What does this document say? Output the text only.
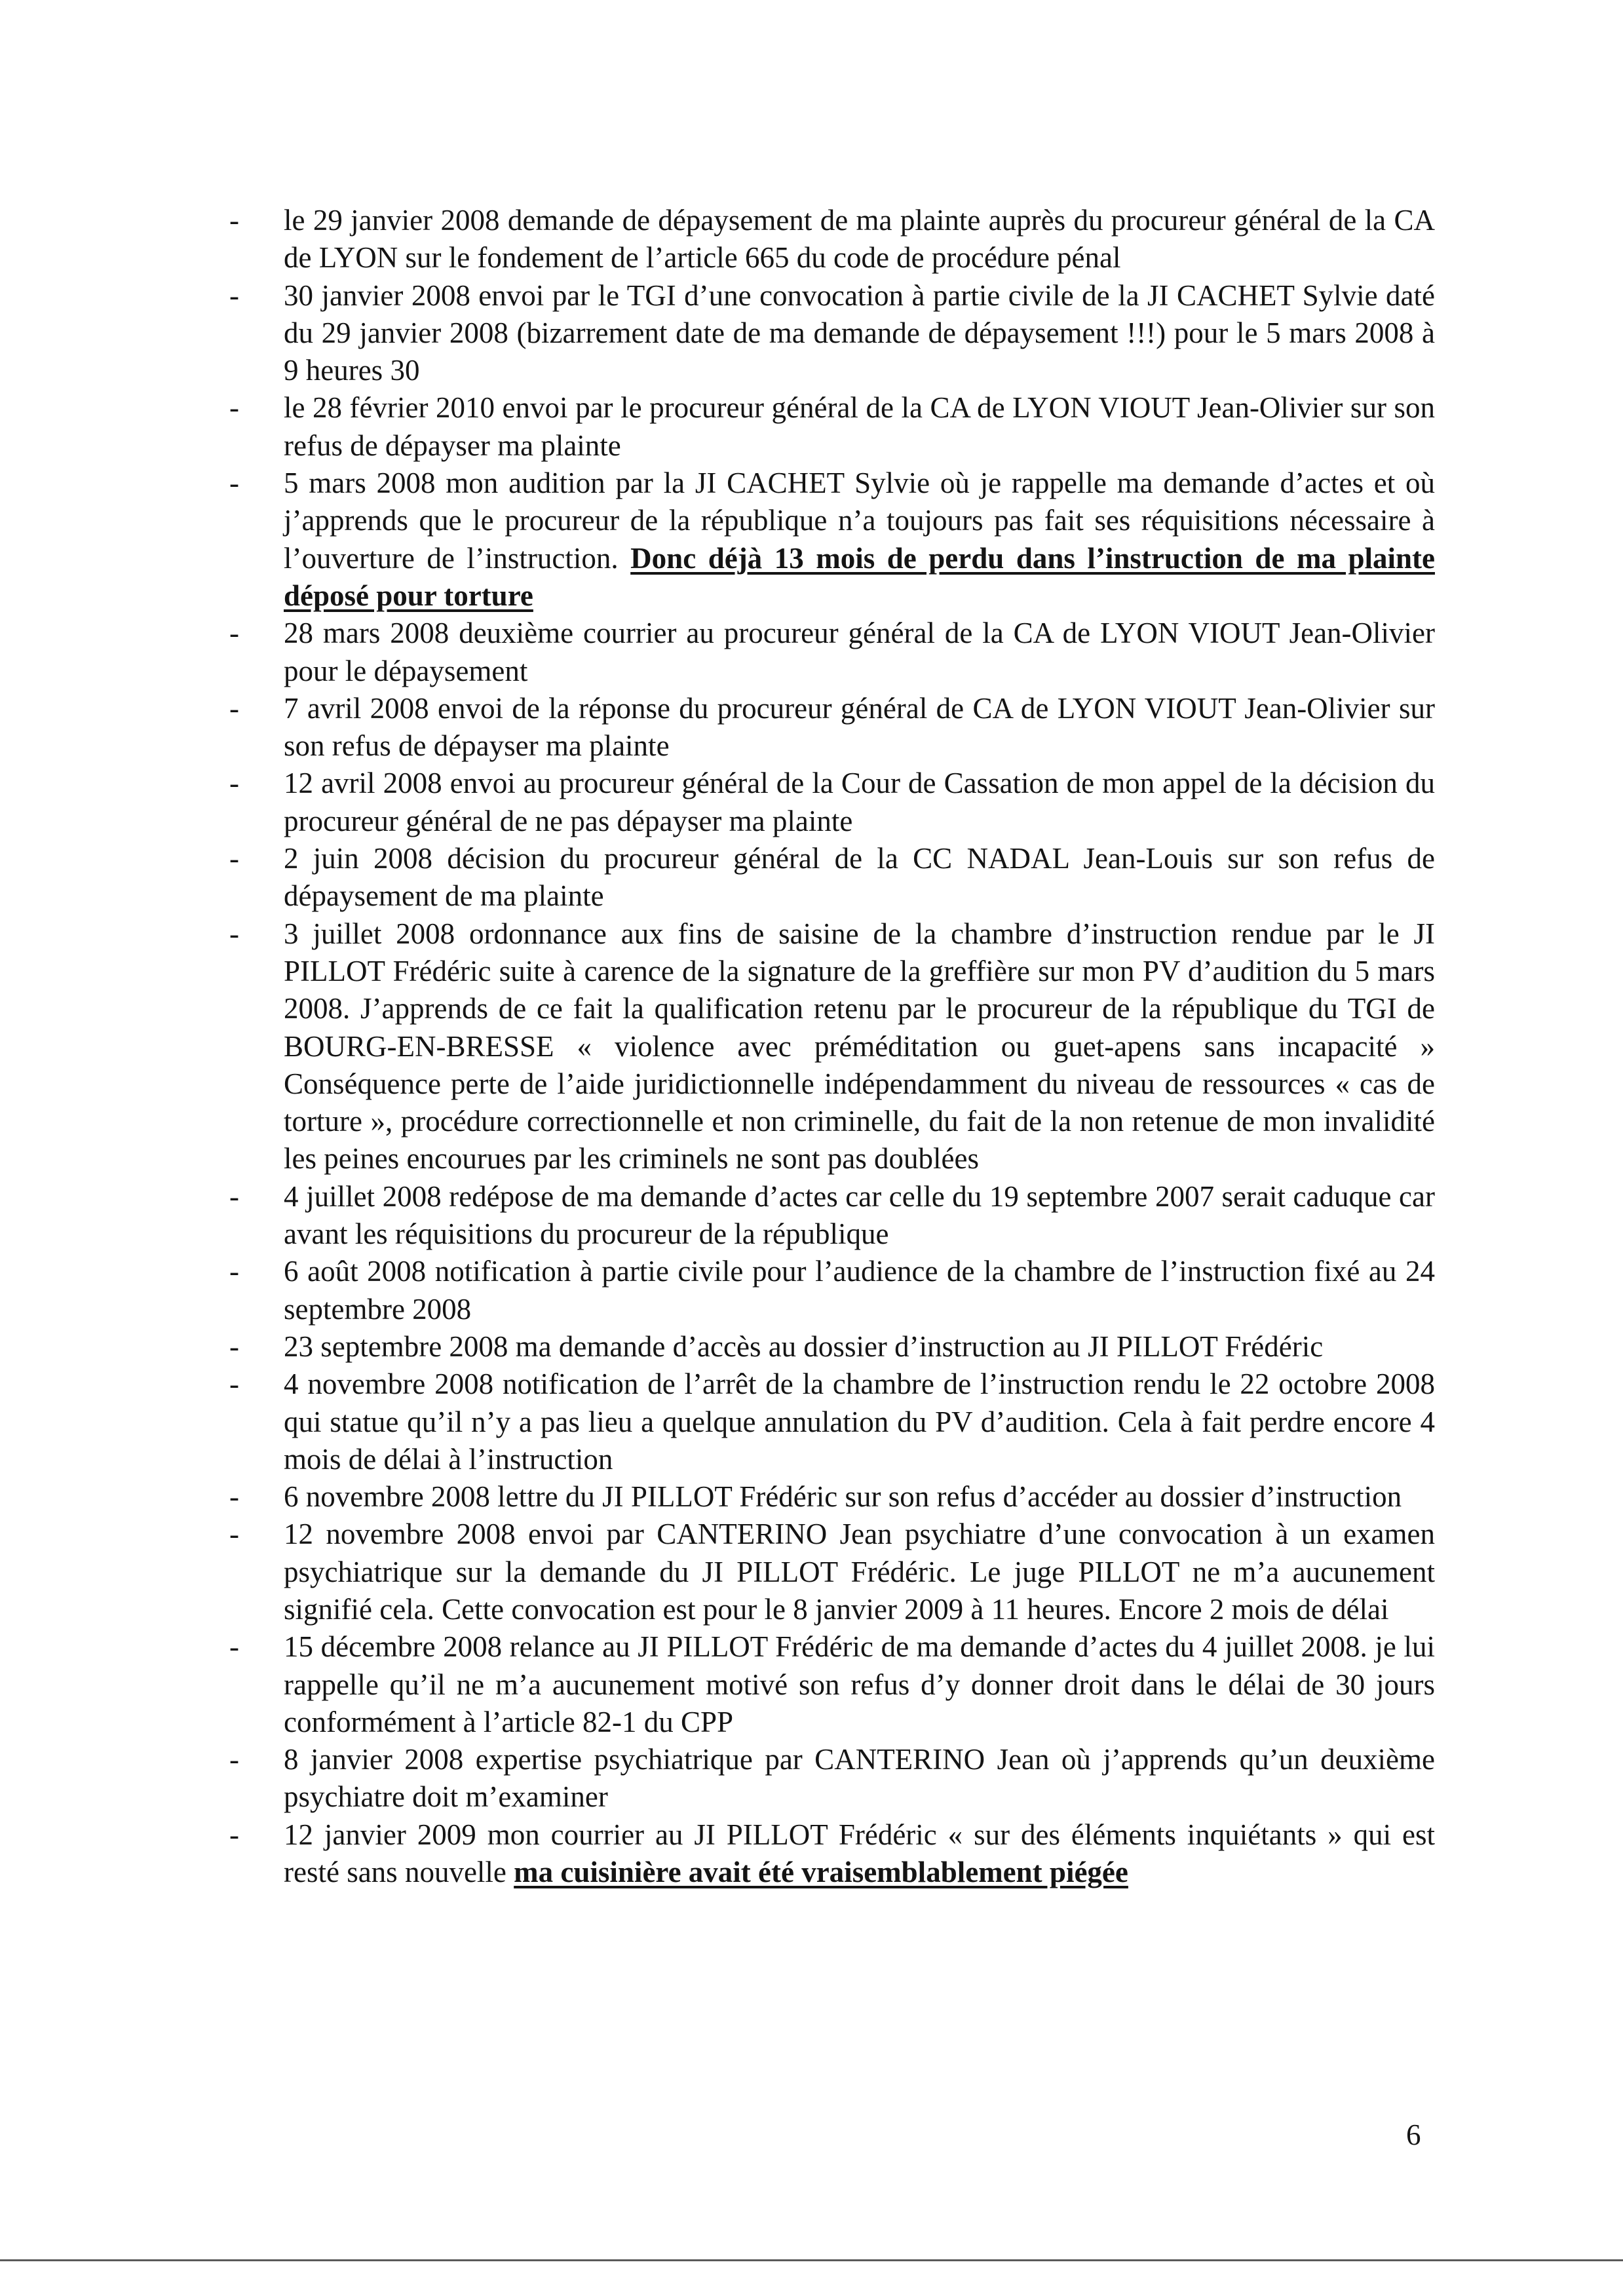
- le 29 janvier 2008 demande de dépaysement de ma plainte auprès du procureur général de la CA de LYON sur le fondement de l’article 665 du code de procédure pénal
- 30 janvier 2008 envoi par le TGI d’une convocation à partie civile de la JI CACHET Sylvie daté du 29 janvier 2008 (bizarrement date de ma demande de dépaysement !!!) pour le 5 mars 2008 à 9 heures 30
- le 28 février 2010 envoi par le procureur général de la CA de LYON VIOUT Jean-Olivier sur son refus de dépayser ma plainte
- 5 mars 2008 mon audition par la JI CACHET Sylvie où je rappelle ma demande d’actes et où j’apprends que le procureur de la république n’a toujours pas fait ses réquisitions nécessaire à l’ouverture de l’instruction. Donc déjà 13 mois de perdu dans l’instruction de ma plainte déposé pour torture
- 28 mars 2008 deuxième courrier au procureur général de la CA de LYON VIOUT Jean-Olivier pour le dépaysement
- 7 avril 2008 envoi de la réponse du procureur général de CA de LYON VIOUT Jean-Olivier sur son refus de dépayser ma plainte
- 12 avril 2008 envoi au procureur général de la Cour de Cassation de mon appel de la décision du procureur général de ne pas dépayser ma plainte
- 2 juin 2008 décision du procureur général de la CC NADAL Jean-Louis sur son refus de dépaysement de ma plainte
- 3 juillet 2008 ordonnance aux fins de saisine de la chambre d’instruction rendue par le JI PILLOT Frédéric suite à carence de la signature de la greffière sur mon PV d’audition du 5 mars 2008. J’apprends de ce fait la qualification retenu par le procureur de la république du TGI de BOURG-EN-BRESSE « violence avec préméditation ou guet-apens sans incapacité » Conséquence perte de l’aide juridictionnelle indépendamment du niveau de ressources « cas de torture », procédure correctionnelle et non criminelle, du fait de la non retenue de mon invalidité les peines encourues par les criminels ne sont pas doublées
- 4 juillet 2008 redépose de ma demande d’actes car celle du 19 septembre 2007 serait caduque car avant les réquisitions du procureur de la république
- 6 août 2008 notification à partie civile pour l’audience de la chambre de l’instruction fixé au 24 septembre 2008
- 23 septembre 2008 ma demande d’accès au dossier d’instruction au JI PILLOT Frédéric
- 4 novembre 2008 notification de l’arrêt de la chambre de l’instruction rendu le 22 octobre 2008 qui statue qu’il n’y a pas lieu a quelque annulation du PV d’audition. Cela à fait perdre encore 4 mois de délai à l’instruction
- 6 novembre 2008 lettre du JI PILLOT Frédéric sur son refus d’accéder au dossier d’instruction
- 12 novembre 2008 envoi par CANTERINO Jean psychiatre d’une convocation à un examen psychiatrique sur la demande du JI PILLOT Frédéric. Le juge PILLOT ne m’a aucunement signifié cela. Cette convocation est pour le 8 janvier 2009 à 11 heures. Encore 2 mois de délai
- 15 décembre 2008 relance au JI PILLOT Frédéric de ma demande d’actes du 4 juillet 2008. je lui rappelle qu’il ne m’a aucunement motivé son refus d’y donner droit dans le délai de 30 jours conformément à l’article 82-1 du CPP
- 8 janvier 2008 expertise psychiatrique par CANTERINO Jean où j’apprends qu’un deuxième psychiatre doit m’examiner
- 12 janvier 2009 mon courrier au JI PILLOT Frédéric « sur des éléments inquiétants » qui est resté sans nouvelle ma cuisinière avait été vraisemblablement piégée
6
